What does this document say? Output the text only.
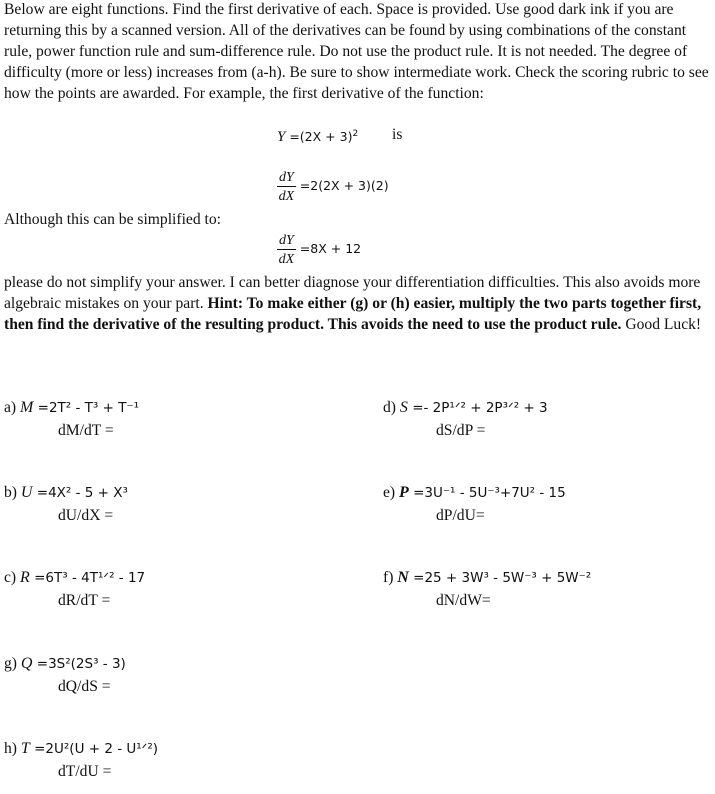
Below are eight functions. Find the first derivative of each. Space is provided. Use good dark ink if you are returning this by a scanned version. All of the derivatives can be found by using combinations of the constant rule, power function rule and sum-difference rule. Do not use the product rule. It is not needed. The degree of difficulty (more or less) increases from (a-h). Be sure to show intermediate work. Check the scoring rubric to see how the points are awarded. For example, the first derivative of the function:

$Y =(2X + 3)^2$ is
$\frac{dY}{dX} =2(2X + 3)(2)$
Although this can be simplified to:
$\frac{dY}{dX} =8X + 12$

please do not simplify your answer. I can better diagnose your differentiation difficulties. This also avoids more algebraic mistakes on your part. Hint: To make either (g) or (h) easier, multiply the two parts together first, then find the derivative of the resulting product. This avoids the need to use the product rule. Good Luck!

a) M =2T² - T³ + T⁻¹
dM/dT =
b) U =4X² - 5 + X³
dU/dX =
c) R =6T³ - 4T¹ᐟ² - 17
dR/dT =
d) S =- 2P¹ᐟ² + 2P³ᐟ² + 3
dS/dP =
e) P =3U⁻¹ - 5U⁻³+7U² - 15
dP/dU=
f) N =25 + 3W³ - 5W⁻³ + 5W⁻²
dN/dW=
g) Q =3S²(2S³ - 3)
dQ/dS =
h) T =2U²(U + 2 - U¹ᐟ²)
dT/dU =
